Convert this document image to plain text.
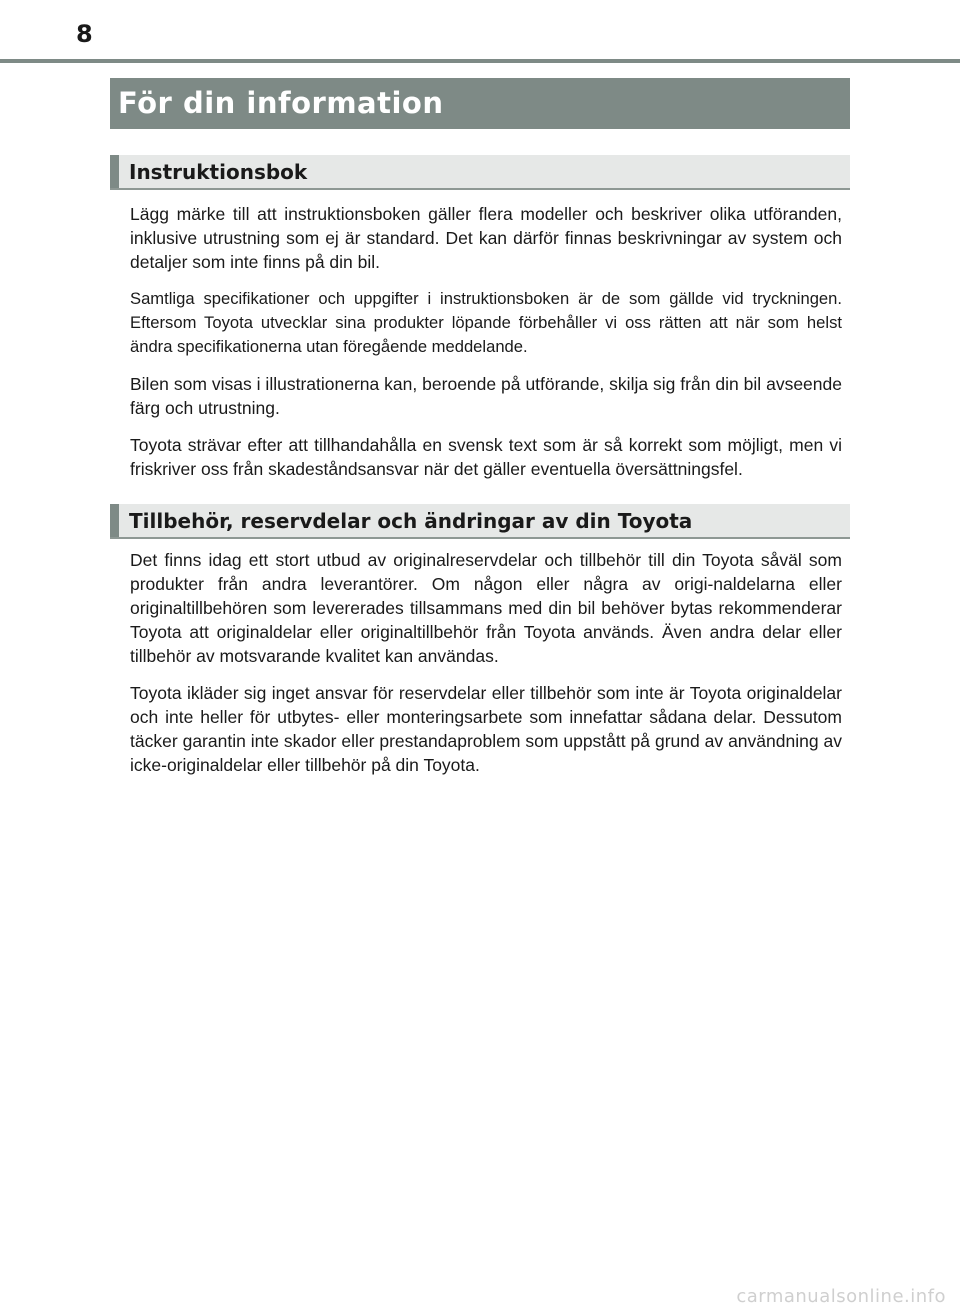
8
För din information
Instruktionsbok

Lägg märke till att instruktionsboken gäller flera modeller och beskriver olika utföranden, inklusive utrustning som ej är standard. Det kan därför finnas beskrivningar av system och detaljer som inte finns på din bil.

Samtliga specifikationer och uppgifter i instruktionsboken är de som gällde vid tryckningen. Eftersom Toyota utvecklar sina produkter löpande förbehåller vi oss rätten att när som helst ändra specifikationerna utan föregående meddelande.

Bilen som visas i illustrationerna kan, beroende på utförande, skilja sig från din bil avseende färg och utrustning.

Toyota strävar efter att tillhandahålla en svensk text som är så korrekt som möjligt, men vi friskriver oss från skadeståndsansvar när det gäller eventuella översättningsfel.

Tillbehör, reservdelar och ändringar av din Toyota

Det finns idag ett stort utbud av originalreservdelar och tillbehör till din Toyota såväl som produkter från andra leverantörer. Om någon eller några av origi-naldelarna eller originaltillbehören som levererades tillsammans med din bil behöver bytas rekommenderar Toyota att originaldelar eller originaltillbehör från Toyota används. Även andra delar eller tillbehör av motsvarande kvalitet kan användas.

Toyota ikläder sig inget ansvar för reservdelar eller tillbehör som inte är Toyota originaldelar och inte heller för utbytes- eller monteringsarbete som innefattar sådana delar. Dessutom täcker garantin inte skador eller prestandaproblem som uppstått på grund av användning av icke-originaldelar eller tillbehör på din Toyota.

carmanualsonline.info
